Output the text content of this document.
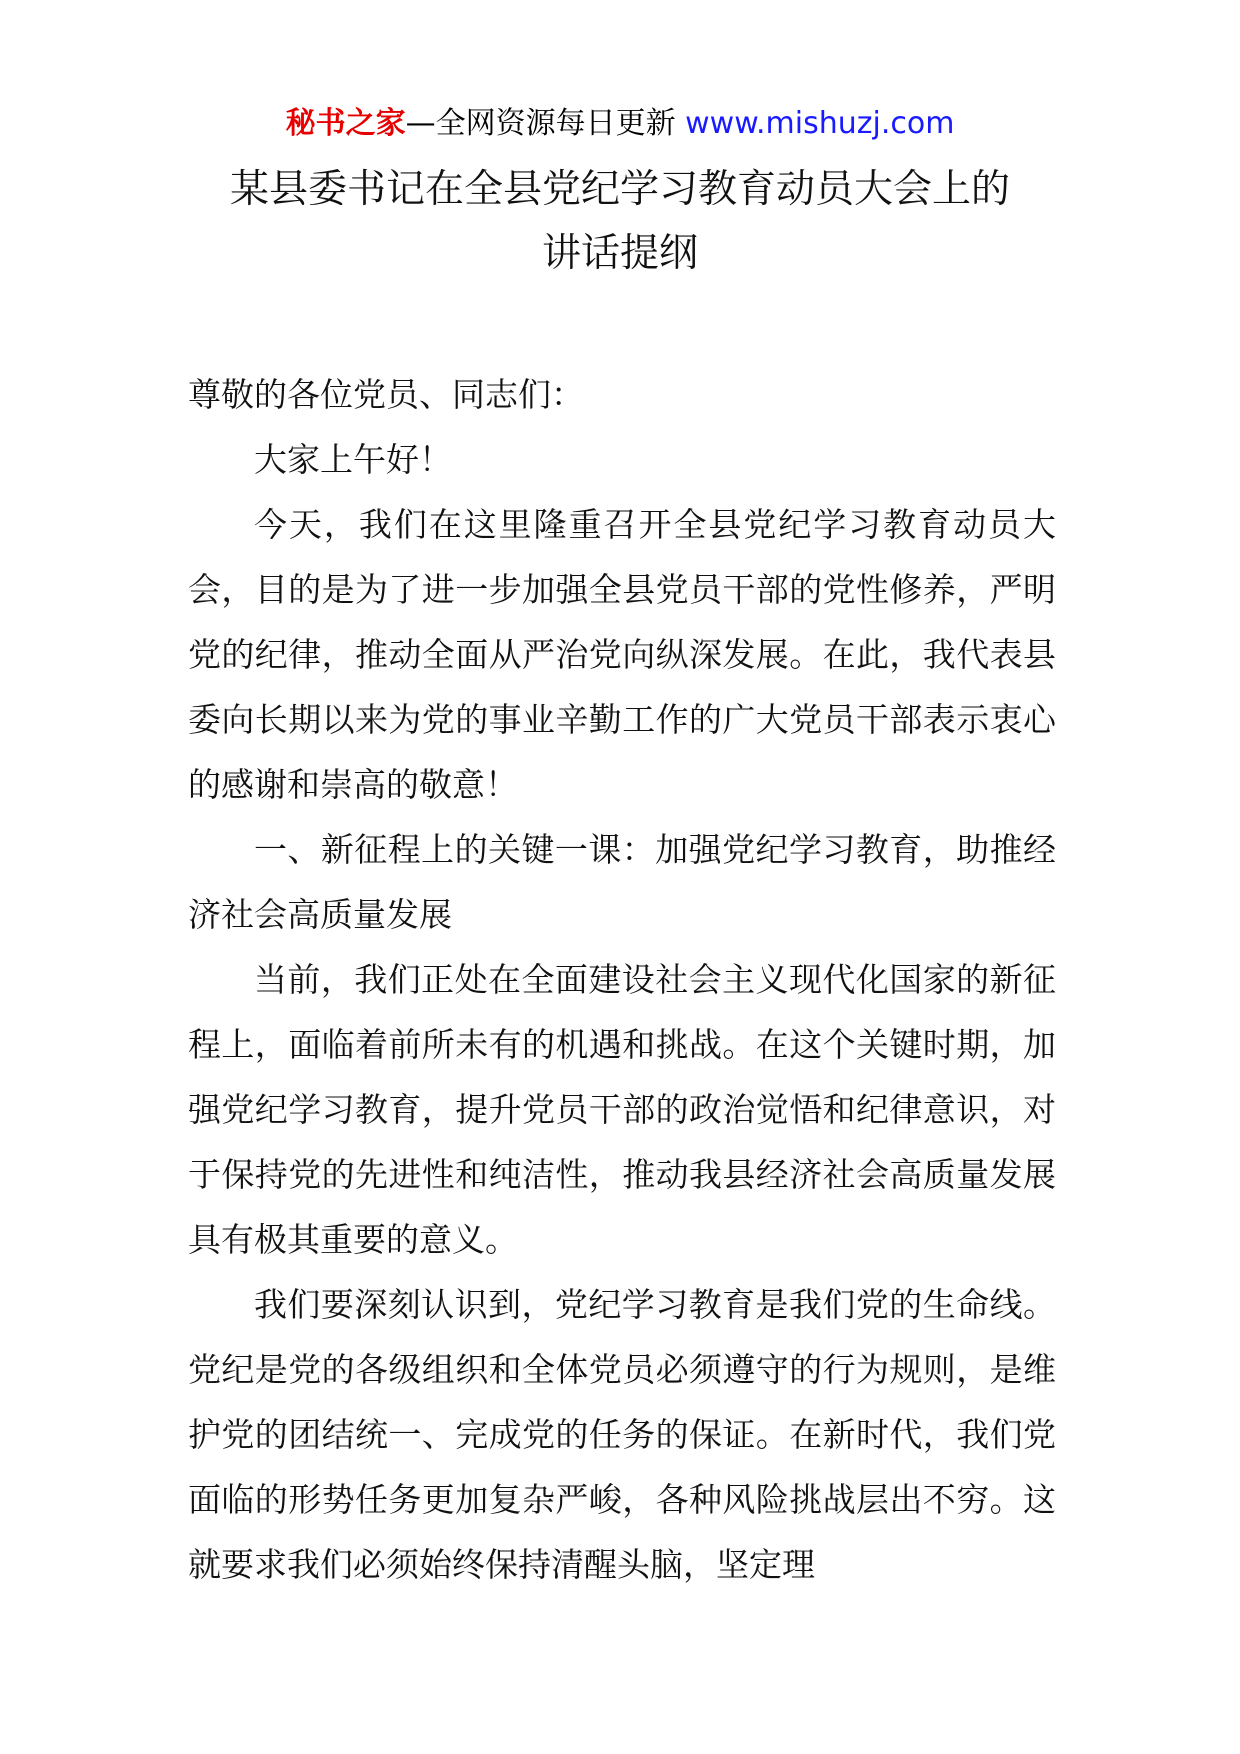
秘书之家—全网资源每日更新 www.mishuzj.com
某县委书记在全县党纪学习教育动员大会上的
讲话提纲

尊敬的各位党员、同志们：

大家上午好！

今天，我们在这里隆重召开全县党纪学习教育动员大会，目的是为了进一步加强全县党员干部的党性修养，严明党的纪律，推动全面从严治党向纵深发展。在此，我代表县委向长期以来为党的事业辛勤工作的广大党员干部表示衷心的感谢和崇高的敬意！

一、新征程上的关键一课：加强党纪学习教育，助推经济社会高质量发展

当前，我们正处在全面建设社会主义现代化国家的新征程上，面临着前所未有的机遇和挑战。在这个关键时期，加强党纪学习教育，提升党员干部的政治觉悟和纪律意识，对于保持党的先进性和纯洁性，推动我县经济社会高质量发展具有极其重要的意义。

我们要深刻认识到，党纪学习教育是我们党的生命线。党纪是党的各级组织和全体党员必须遵守的行为规则，是维护党的团结统一、完成党的任务的保证。在新时代，我们党面临的形势任务更加复杂严峻，各种风险挑战层出不穷。这就要求我们必须始终保持清醒头脑，坚定理
